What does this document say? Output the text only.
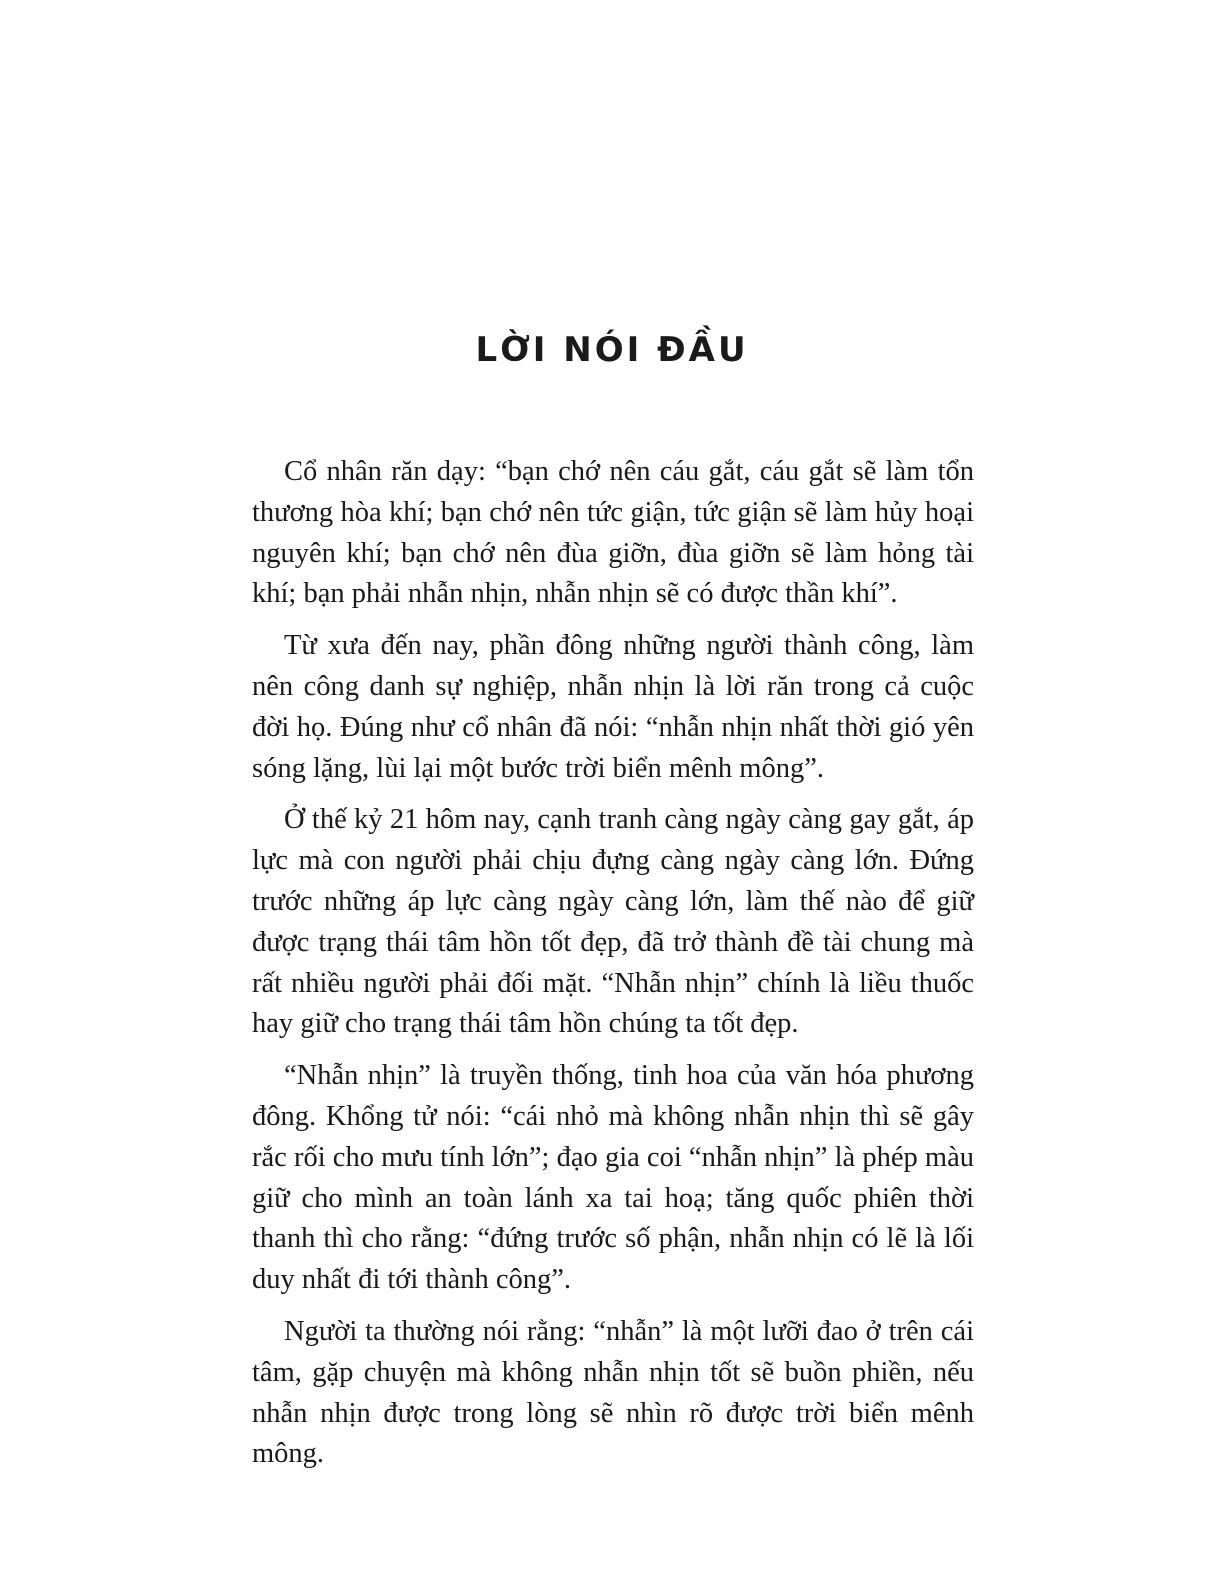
LỜI NÓI ĐẦU

Cổ nhân răn dạy: “bạn chớ nên cáu gắt, cáu gắt sẽ làm tổn thương hòa khí; bạn chớ nên tức giận, tức giận sẽ làm hủy hoại nguyên khí; bạn chớ nên đùa giỡn, đùa giỡn sẽ làm hỏng tài khí; bạn phải nhẫn nhịn, nhẫn nhịn sẽ có được thần khí”.

Từ xưa đến nay, phần đông những người thành công, làm nên công danh sự nghiệp, nhẫn nhịn là lời răn trong cả cuộc đời họ. Đúng như cổ nhân đã nói: “nhẫn nhịn nhất thời gió yên sóng lặng, lùi lại một bước trời biển mênh mông”.

Ở thế kỷ 21 hôm nay, cạnh tranh càng ngày càng gay gắt, áp lực mà con người phải chịu đựng càng ngày càng lớn. Đứng trước những áp lực càng ngày càng lớn, làm thế nào để giữ được trạng thái tâm hồn tốt đẹp, đã trở thành đề tài chung mà rất nhiều người phải đối mặt. “Nhẫn nhịn” chính là liều thuốc hay giữ cho trạng thái tâm hồn chúng ta tốt đẹp.

“Nhẫn nhịn” là truyền thống, tinh hoa của văn hóa phương đông. Khổng tử nói: “cái nhỏ mà không nhẫn nhịn thì sẽ gây rắc rối cho mưu tính lớn”; đạo gia coi “nhẫn nhịn” là phép màu giữ cho mình an toàn lánh xa tai hoạ; tăng quốc phiên thời thanh thì cho rằng: “đứng trước số phận, nhẫn nhịn có lẽ là lối duy nhất đi tới thành công”.

Người ta thường nói rằng: “nhẫn” là một lưỡi đao ở trên cái tâm, gặp chuyện mà không nhẫn nhịn tốt sẽ buồn phiền, nếu nhẫn nhịn được trong lòng sẽ nhìn rõ được trời biển mênh mông.
